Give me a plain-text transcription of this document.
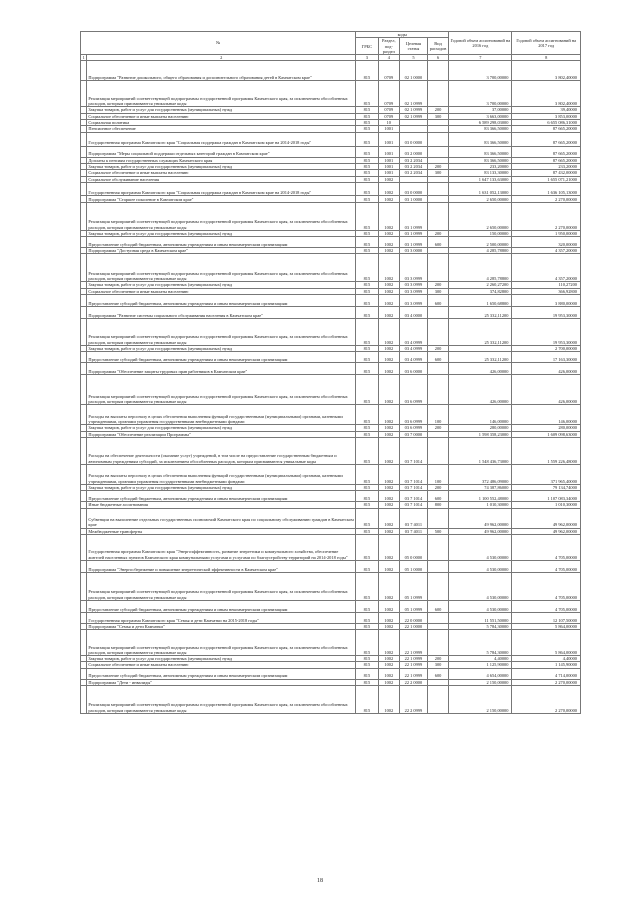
№		коды				Годовой объем ассигнований на 2016 год	Годовой объем ассигнований на 2017 год
		ГРБС	Раздел, под-раздел	Целевая статья	Вид расходов		
1	2	3	4	5	6	7	8
	Подпрограмма "Развитие дошкольного, общего образования и дополнительного образования детей в Камчатском крае"	815	0709	02 1 0000		3 700,00000	3 802,40000
	Реализация мероприятий соответствующей подпрограммы государственной программы Камчатского края, за исключением обособленных расходов, которым присваиваются уникальные коды	815	0709	02 1 0999		3 700,00000	3 802,40000
	Закупка товаров, работ и услуг для государственных (муниципальных) нужд	815	0709	02 1 0999	200	37,00000	39,40000
	Социальное обеспечение и иные выплаты населению	815	0709	02 1 0999	300	3 663,00000	3 853,00000
	Социальная политика	815	10			6 589 298,03000	6 655 086,31000
	Пенсионное обеспечение	815	1001			83 366,50000	87 665,20000
	Государственная программа Камчатского края "Социальная поддержка граждан в Камчатском крае на 2014-2018 годы"	815	1001	03 0 0000		83 366,50000	87 665,20000
	Подпрограмма "Меры социальной поддержки отдельных категорий граждан в Камчатском крае"	815	1001	03 2 0000		83 366,50000	87 665,20000
	Доплаты к пенсиям государственных служащих Камчатского края	815	1001	03 2 2034		83 366,50000	87 665,20000
	Закупка товаров, работ и услуг для государственных (муниципальных) нужд	815	1001	03 2 2034	200	233,20000	233,20000
	Социальное обеспечение и иные выплаты населению	815	1001	03 2 2034	300	83 133,30000	87 432,00000
	Социальное обслуживание населения	815	1002			1 647 133,63000	1 655 071,21000
	Государственная программа Камчатского края "Социальная поддержка граждан в Камчатском крае на 2014-2018 годы"	815	1002	03 0 0000		1 631 052,13000	1 636 105,13000
	Подпрограмма "Старшее поколение в Камчатском крае"	815	1002	03 1 0000		2 650,00000	2 270,00000
	Реализация мероприятий соответствующей подпрограммы государственной программы Камчатского края, за исключением обособленных расходов, которым присваиваются уникальные коды	815	1002	03 1 0999		2 650,00000	2 270,00000
	Закупка товаров, работ и услуг для государственных (муниципальных) нужд	815	1002	03 1 0999	200	150,00000	1 950,00000
	Предоставление субсидий бюджетным, автономным учреждениям и иным некоммерческим организациям	815	1002	03 1 0999	600	2 500,00000	320,00000
	Подпрограмма "Доступная среда в Камчатском крае"	815	1002	03 3 0000		4 285,78800	4 357,20000
	Реализация мероприятий соответствующей подпрограммы государственной программы Камчатского края, за исключением обособленных расходов, которым присваиваются уникальные коды	815	1002	03 3 0999		4 285,78800	4 357,20000
	Закупка товаров, работ и услуг для государственных (муниципальных) нужд	815	1002	03 3 0999	200	2 260,27200	110,27200
	Социальное обеспечение и иные выплаты населению	815	1002	03 3 0999	300	374,82800	366,92800
	Предоставление субсидий бюджетным, автономным учреждениям и иным некоммерческим организациям	815	1002	03 3 0999	600	1 650,68800	3 880,00000
	Подпрограмма "Развитие системы социального обслуживания населения в Камчатском крае"	815	1002	03 4 0000		25 332,11200	19 953,30000
	Реализация мероприятий соответствующей подпрограммы государственной программы Камчатского края, за исключением обособленных расходов, которым присваиваются уникальные коды	815	1002	03 4 0999		25 332,11200	19 953,30000
	Закупка товаров, работ и услуг для государственных (муниципальных) нужд	815	1002	03 4 0999	200		2 700,00000
	Предоставление субсидий бюджетным, автономным учреждениям и иным некоммерческим организациям	815	1002	03 4 0999	600	25 332,11200	17 163,30000
	Подпрограмма "Обеспечение защиты трудовых прав работников в Камчатском крае"	815	1002	03 6 0000		426,00000	426,00000
	Реализация мероприятий соответствующей подпрограммы государственной программы Камчатского края, за исключением обособленных расходов, которым присваиваются уникальные коды	815	1002	03 6 0999		426,00000	426,00000
	Расходы на выплаты персоналу в целях обеспечения выполнения функций государственными (муниципальными) органами, казенными учреждениями, органами управления государственными внебюджетными фондами	815	1002	03 6 0999	100	146,00000	146,00000
	Закупка товаров, работ и услуг для государственных (муниципальных) нужд	815	1002	03 6 0999	200	280,00000	280,00000
	Подпрограмма "Обеспечение реализации Программы"	815	1002	03 7 0000		1 598 358,23000	1 609 098,63000
	Расходы на обеспечение деятельности (оказание услуг) учреждений, в том числе на предоставление государственным бюджетным и автономным учреждениям субсидий, за исключением обособленных расходов, которым присваиваются уникальные коды	815	1002	03 7 1014		1 548 436,73000	1 559 226,48000
	Расходы на выплаты персоналу в целях обеспечения выполнения функций государственными (муниципальными) органами, казенными учреждениями, органами управления государственными внебюджетными фондами	815	1002	03 7 1014	100	372 486,09000	371 965,40000
	Закупка товаров, работ и услуг для государственных (муниципальных) нужд	815	1002	03 7 1014	200	74 387,86000	79 134,74000
	Предоставление субсидий бюджетным, автономным учреждениям и иным некоммерческим организациям	815	1002	03 7 1014	600	1 100 552,48000	1 107 083,34000
	Иные бюджетные ассигнования	815	1002	03 7 1014	800	1 010,30000	1 010,30000
	Субвенции на выполнение отдельных государственных полномочий Камчатского края по социальному обслуживанию граждан в Камчатском крае	815	1002	03 7 4011		49 962,00000	49 962,00000
	Межбюджетные трансферты	815	1002	03 7 4011	500	49 962,00000	49 962,00000
	Государственная программа Камчатского края "Энергоэффективность, развитие энергетики и коммунального хозяйства, обеспечение жителей населенных пунктов Камчатского края коммунальными услугами и услугами по благоустройству территорий на 2014-2018 годы"	815	1002	05 0 0000		4 530,00000	4 705,00000
	Подпрограмма "Энергосбережение и повышение энергетической эффективности в Камчатском крае"	815	1002	05 1 0000		4 530,00000	4 705,00000
	Реализация мероприятий соответствующей подпрограммы государственной программы Камчатского края, за исключением обособленных расходов, которым присваиваются уникальные коды	815	1002	05 1 0999		4 530,00000	4 705,00000
	Предоставление субсидий бюджетным, автономным учреждениям и иным некоммерческим организациям	815	1002	05 1 0999	600	4 530,00000	4 705,00000
	Государственная программа Камчатского края "Семья и дети Камчатки на 2015-2018 годы"	815	1002	22 0 0000		11 551,50000	12 107,50000
	Подпрограмма "Семья и дети Камчатки"	815	1002	22 1 0000		5 784,30000	5 864,00000
	Реализация мероприятий соответствующей подпрограммы государственной программы Камчатского края, за исключением обособленных расходов, которым присваиваются уникальные коды	815	1002	22 1 0999		5 784,30000	5 864,00000
	Закупка товаров, работ и услуг для государственных (муниципальных) нужд	815	1002	22 1 0999	200	4,40000	4,40000
	Социальное обеспечение и иные выплаты населению	815	1002	22 1 0999	300	1 125,90000	1 145,90000
	Предоставление субсидий бюджетным, автономным учреждениям и иным некоммерческим организациям	815	1002	22 1 0999	600	4 654,00000	4 714,00000
	Подпрограмма "Дети - инвалиды"	815	1002	22 2 0000		2 150,00000	2 270,00000
	Реализация мероприятий соответствующей подпрограммы государственной программы Камчатского края, за исключением обособленных расходов, которым присваиваются уникальные коды	815	1002	22 2 0999		2 150,00000	2 270,00000
18
